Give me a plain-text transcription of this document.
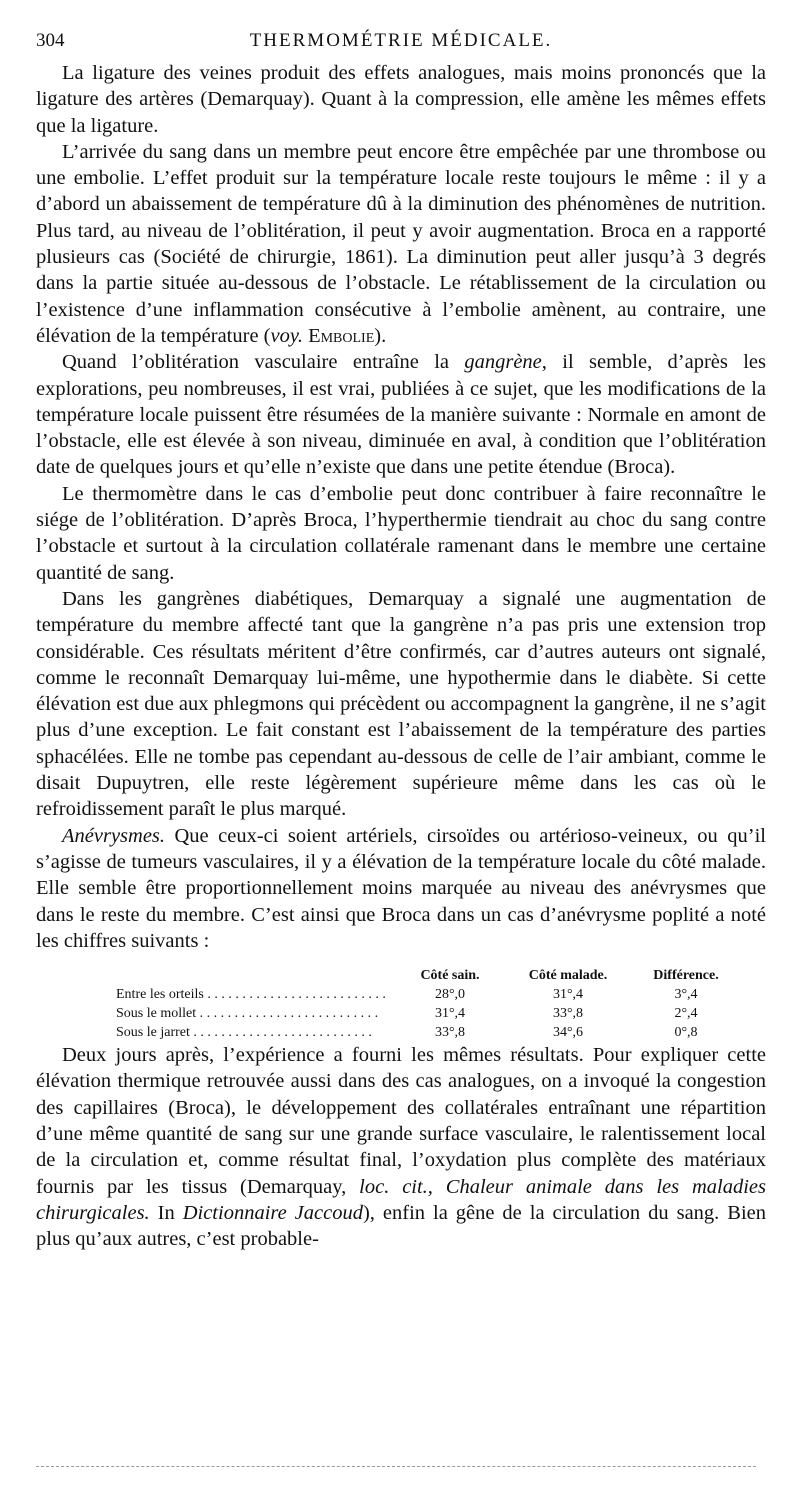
304	THERMOMÉTRIE MÉDICALE.

La ligature des veines produit des effets analogues, mais moins prononcés que la ligature des artères (Demarquay). Quant à la compression, elle amène les mêmes effets que la ligature.

L’arrivée du sang dans un membre peut encore être empêchée par une thrombose ou une embolie. L’effet produit sur la température locale reste toujours le même : il y a d’abord un abaissement de température dû à la diminution des phénomènes de nutrition. Plus tard, au niveau de l’oblitération, il peut y avoir augmentation. Broca en a rapporté plusieurs cas (Société de chirurgie, 1861). La diminution peut aller jusqu’à 3 degrés dans la partie située au-dessous de l’obstacle. Le rétablissement de la circulation ou l’existence d’une inflammation consécutive à l’embolie amènent, au contraire, une élévation de la température (voy. Embolie).

Quand l’oblitération vasculaire entraîne la gangrène, il semble, d’après les explorations, peu nombreuses, il est vrai, publiées à ce sujet, que les modifications de la température locale puissent être résumées de la manière suivante : Normale en amont de l’obstacle, elle est élevée à son niveau, diminuée en aval, à condition que l’oblitération date de quelques jours et qu’elle n’existe que dans une petite étendue (Broca).

Le thermomètre dans le cas d’embolie peut donc contribuer à faire reconnaître le siége de l’oblitération. D’après Broca, l’hyperthermie tiendrait au choc du sang contre l’obstacle et surtout à la circulation collatérale ramenant dans le membre une certaine quantité de sang.

Dans les gangrènes diabétiques, Demarquay a signalé une augmentation de température du membre affecté tant que la gangrène n’a pas pris une extension trop considérable. Ces résultats méritent d’être confirmés, car d’autres auteurs ont signalé, comme le reconnaît Demarquay lui-même, une hypothermie dans le diabète. Si cette élévation est due aux phlegmons qui précèdent ou accompagnent la gangrène, il ne s’agit plus d’une exception. Le fait constant est l’abaissement de la température des parties sphacélées. Elle ne tombe pas cependant au-dessous de celle de l’air ambiant, comme le disait Dupuytren, elle reste légèrement supérieure même dans les cas où le refroidissement paraît le plus marqué.

Anévrysmes. Que ceux-ci soient artériels, cirsoïdes ou artérioso-veineux, ou qu’il s’agisse de tumeurs vasculaires, il y a élévation de la température locale du côté malade. Elle semble être proportionnellement moins marquée au niveau des anévrysmes que dans le reste du membre. C’est ainsi que Broca dans un cas d’anévrysme poplité a noté les chiffres suivants :

Côté sain.	Côté malade.	Différence.
Entre les orteils . . .	28°,0	31°,4	3°,4
Sous le mollet . . .	31°,4	33°,8	2°,4
Sous le jarret . . .	33°,8	34°,6	0°,8

Deux jours après, l’expérience a fourni les mêmes résultats. Pour expliquer cette élévation thermique retrouvée aussi dans des cas analogues, on a invoqué la congestion des capillaires (Broca), le développement des collatérales entraînant une répartition d’une même quantité de sang sur une grande surface vasculaire, le ralentissement local de la circulation et, comme résultat final, l’oxydation plus complète des matériaux fournis par les tissus (Demarquay, loc. cit., Chaleur animale dans les maladies chirurgicales. In Dictionnaire Jaccoud), enfin la gêne de la circulation du sang. Bien plus qu’aux autres, c’est probable-
